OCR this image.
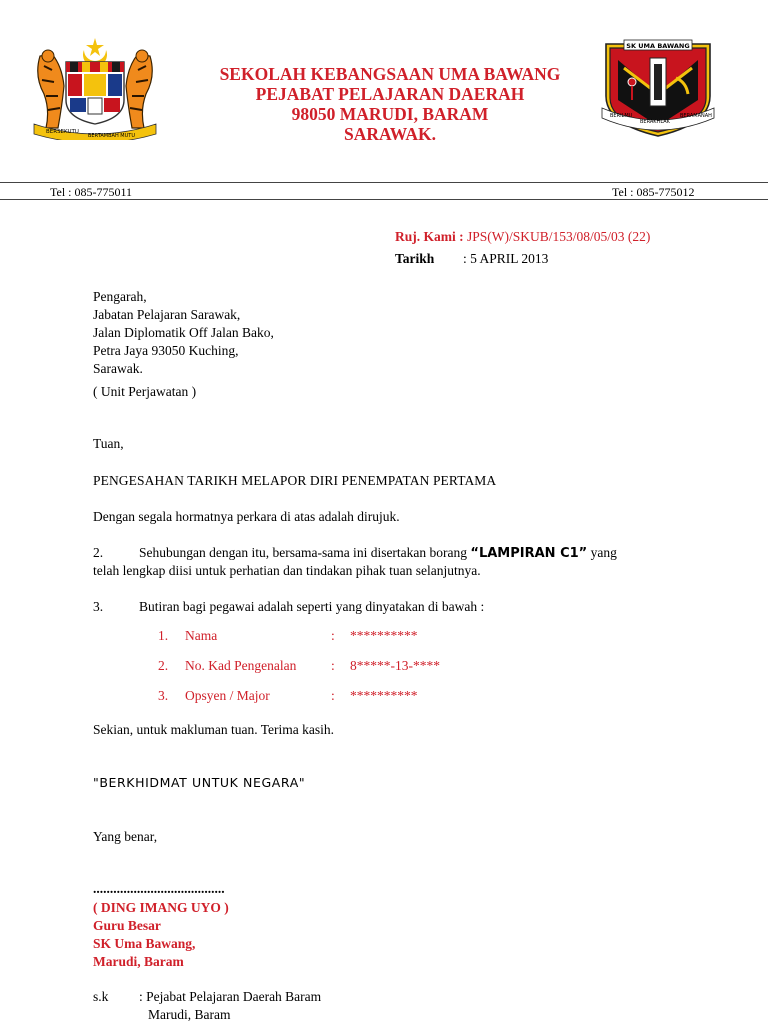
BERSEKUTU
BERTAMBAH MUTU
SEKOLAH KEBANGSAAN UMA BAWANG
PEJABAT PELAJARAN DAERAH
98050 MARUDI, BARAM
SARAWAK.
SK UMA BAWANG
BERILMU
BERAKHLAK
BERAMANAH
Tel : 085-775011	Tel : 085-775012
Ruj. Kami : JPS(W)/SKUB/153/08/05/03 (22)
Tarikh : 5 APRIL 2013
Pengarah,
Jabatan Pelajaran Sarawak,
Jalan Diplomatik Off Jalan Bako,
Petra Jaya 93050 Kuching,
Sarawak.
( Unit Perjawatan )
Tuan,
PENGESAHAN TARIKH MELAPOR DIRI PENEMPATAN PERTAMA
Dengan segala hormatnya perkara di atas adalah dirujuk.
2.	Sehubungan dengan itu, bersama-sama ini disertakan borang “LAMPIRAN C1” yang
telah lengkap diisi untuk perhatian dan tindakan pihak tuan selanjutnya.
3.	Butiran bagi pegawai adalah seperti yang dinyatakan di bawah :
1. Nama	: **********
2. No. Kad Pengenalan	: 8*****-13-****
3. Opsyen / Major	: **********
Sekian, untuk makluman tuan. Terima kasih.
"BERKHIDMAT UNTUK NEGARA"
Yang benar,
.......................................
( DING IMANG UYO )
Guru Besar
SK Uma Bawang,
Marudi, Baram
s.k : Pejabat Pelajaran Daerah Baram
Marudi, Baram
